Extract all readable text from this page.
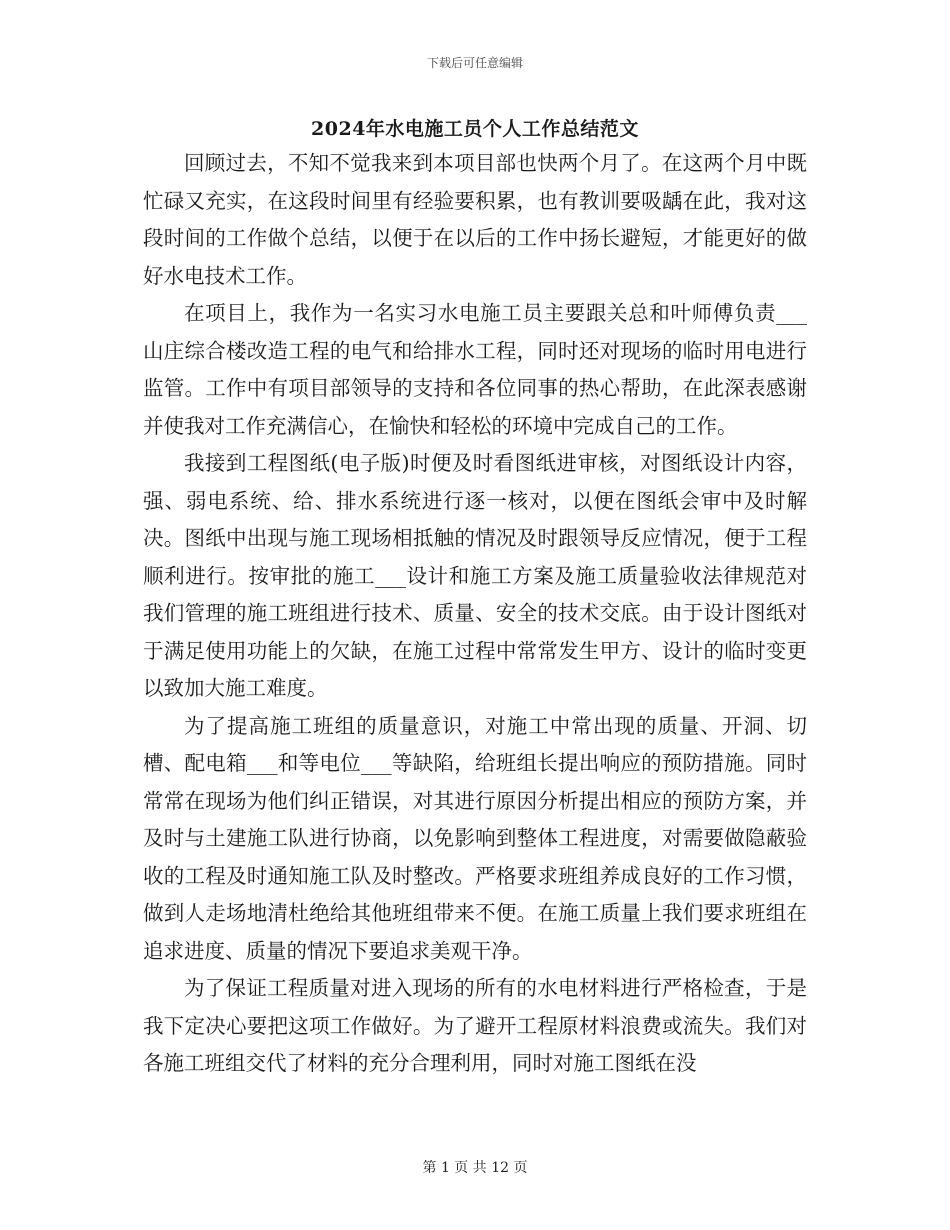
下载后可任意编辑
2024年水电施工员个人工作总结范文

回顾过去，不知不觉我来到本项目部也快两个月了。在这两个月中既忙碌又充实，在这段时间里有经验要积累，也有教训要吸龋在此，我对这段时间的工作做个总结，以便于在以后的工作中扬长避短，才能更好的做好水电技术工作。

在项目上，我作为一名实习水电施工员主要跟关总和叶师傅负责___山庄综合楼改造工程的电气和给排水工程，同时还对现场的临时用电进行监管。工作中有项目部领导的支持和各位同事的热心帮助，在此深表感谢并使我对工作充满信心，在愉快和轻松的环境中完成自己的工作。

我接到工程图纸(电子版)时便及时看图纸进审核，对图纸设计内容，强、弱电系统、给、排水系统进行逐一核对，以便在图纸会审中及时解决。图纸中出现与施工现场相抵触的情况及时跟领导反应情况，便于工程顺利进行。按审批的施工___设计和施工方案及施工质量验收法律规范对我们管理的施工班组进行技术、质量、安全的技术交底。由于设计图纸对于满足使用功能上的欠缺，在施工过程中常常发生甲方、设计的临时变更以致加大施工难度。

为了提高施工班组的质量意识，对施工中常出现的质量、开洞、切槽、配电箱___和等电位___等缺陷，给班组长提出响应的预防措施。同时常常在现场为他们纠正错误，对其进行原因分析提出相应的预防方案，并及时与土建施工队进行协商，以免影响到整体工程进度，对需要做隐蔽验收的工程及时通知施工队及时整改。严格要求班组养成良好的工作习惯，做到人走场地清杜绝给其他班组带来不便。在施工质量上我们要求班组在追求进度、质量的情况下要追求美观干净。

为了保证工程质量对进入现场的所有的水电材料进行严格检查，于是我下定决心要把这项工作做好。为了避开工程原材料浪费或流失。我们对各施工班组交代了材料的充分合理利用，同时对施工图纸在没

第 1 页 共 12 页
